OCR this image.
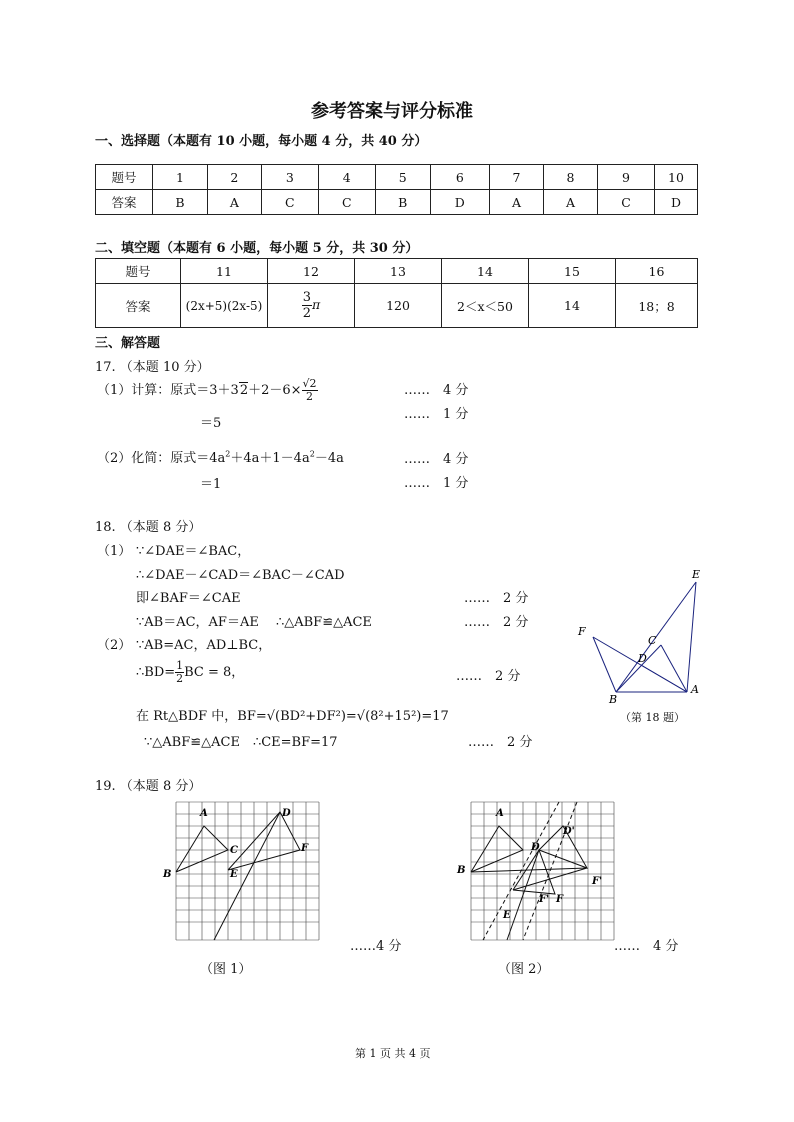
参考答案与评分标准
一、选择题（本题有 10 小题，每小题 4 分，共 40 分）
题号	1	2	3	4	5	6	7	8	9	10
答案	B	A	C	C	B	D	A	A	C	D
二、填空题（本题有 6 小题，每小题 5 分，共 30 分）
题号	11	12	13	14	15	16
答案	(2x+5)(2x-5)	$\frac{3}{2}$ π	120	2＜x＜50	14	18；8
三、解答题
17. （本题 10 分）
（1）计算：原式$=3+32+2-6\times \frac{√2}{2}$
＝5
……　4 分
……　1 分
（2）化简：原式$=4a^2+4a+1-4a^2-4a$
＝1
……　4 分
……　1 分
18. （本题 8 分）
（1） ∵∠DAE＝∠BAC，
∴∠DAE－∠CAD＝∠BAC－∠CAD
即∠BAF＝∠CAE
∵AB＝AC，AF＝AE　 ∴△ABF≌△ACE
……　2 分
……　2 分
（2） ∵AB=AC，AD⊥BC，
∴BD= $\frac{1}{2}$ BC = 8，	……　2 分
在 Rt△BDF 中，BF=√(BD²+DF²)=√(8²+15²)=17
∵△ABF≌△ACE　∴CE=BF=17	……　2 分
E
F
C
D
B
A
（第 18 题）
19. （本题 8 分）
A	D
C	F
B	E
……4 分
（图 1）
A
D'
D
B
F'
F' F
E
……　4 分
（图 2）
第 1 页 共 4 页
